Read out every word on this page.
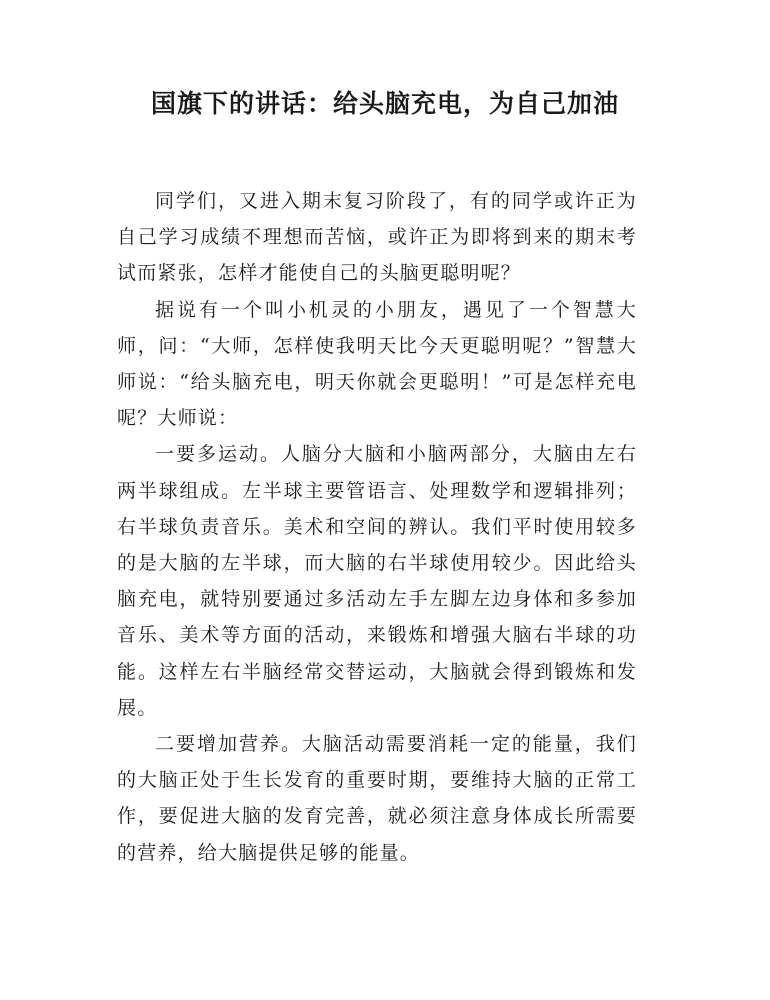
国旗下的讲话：给头脑充电，为自己加油

同学们，又进入期末复习阶段了，有的同学或许正为自己学习成绩不理想而苦恼，或许正为即将到来的期末考试而紧张，怎样才能使自己的头脑更聪明呢？

据说有一个叫小机灵的小朋友，遇见了一个智慧大师，问：“大师，怎样使我明天比今天更聪明呢？”智慧大师说：“给头脑充电，明天你就会更聪明！”可是怎样充电呢？大师说：

一要多运动。人脑分大脑和小脑两部分，大脑由左右两半球组成。左半球主要管语言、处理数学和逻辑排列；右半球负责音乐。美术和空间的辨认。我们平时使用较多的是大脑的左半球，而大脑的右半球使用较少。因此给头脑充电，就特别要通过多活动左手左脚左边身体和多参加音乐、美术等方面的活动，来锻炼和增强大脑右半球的功能。这样左右半脑经常交替运动，大脑就会得到锻炼和发展。

二要增加营养。大脑活动需要消耗一定的能量，我们的大脑正处于生长发育的重要时期，要维持大脑的正常工作，要促进大脑的发育完善，就必须注意身体成长所需要的营养，给大脑提供足够的能量。
